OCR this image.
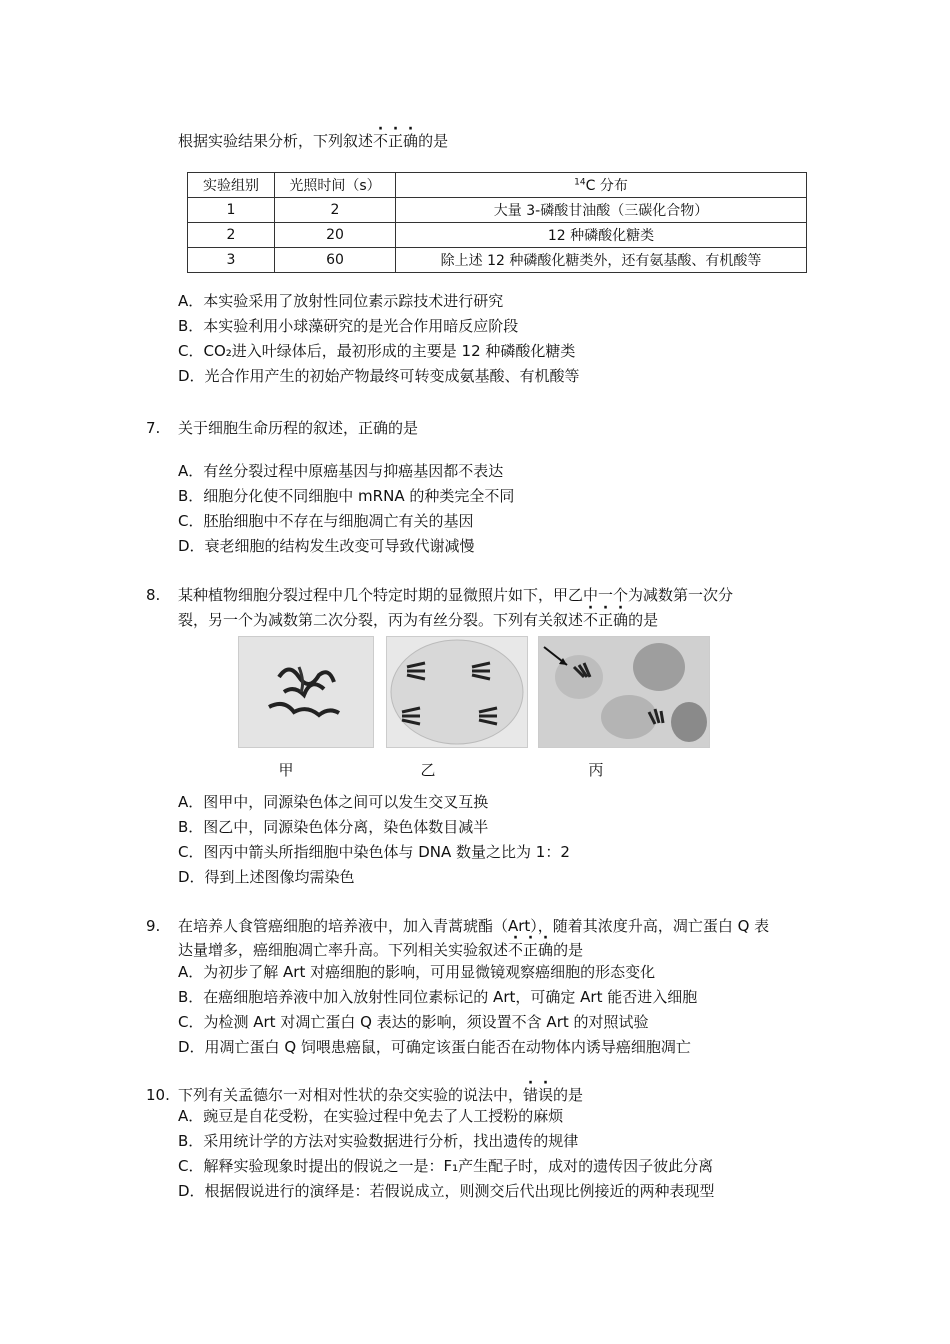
根据实验结果分析，下列叙述不正确的是
实验组别	光照时间（s）	$^{14}$C 分布
1	2	大量 3-磷酸甘油酸（三碳化合物）
2	20	12 种磷酸化糖类
3	60	除上述 12 种磷酸化糖类外，还有氨基酸、有机酸等
A．本实验采用了放射性同位素示踪技术进行研究
B．本实验利用小球藻研究的是光合作用暗反应阶段
C．CO₂进入叶绿体后，最初形成的主要是 12 种磷酸化糖类
D．光合作用产生的初始产物最终可转变成氨基酸、有机酸等
7.	关于细胞生命历程的叙述，正确的是
A．有丝分裂过程中原癌基因与抑癌基因都不表达
B．细胞分化使不同细胞中 mRNA 的种类完全不同
C．胚胎细胞中不存在与细胞凋亡有关的基因
D．衰老细胞的结构发生改变可导致代谢减慢
8.	某种植物细胞分裂过程中几个特定时期的显微照片如下，甲乙中一个为减数第一次分
裂，另一个为减数第二次分裂，丙为有丝分裂。下列有关叙述不正确的是
甲	乙	丙
A．图甲中，同源染色体之间可以发生交叉互换
B．图乙中，同源染色体分离，染色体数目减半
C．图丙中箭头所指细胞中染色体与 DNA 数量之比为 1：2
D．得到上述图像均需染色
9.	在培养人食管癌细胞的培养液中，加入青蒿琥酯（Art），随着其浓度升高，凋亡蛋白 Q 表
达量增多，癌细胞凋亡率升高。下列相关实验叙述不正确的是
A．为初步了解 Art 对癌细胞的影响，可用显微镜观察癌细胞的形态变化
B．在癌细胞培养液中加入放射性同位素标记的 Art，可确定 Art 能否进入细胞
C．为检测 Art 对凋亡蛋白 Q 表达的影响，须设置不含 Art 的对照试验
D．用凋亡蛋白 Q 饲喂患癌鼠，可确定该蛋白能否在动物体内诱导癌细胞凋亡
10. 下列有关孟德尔一对相对性状的杂交实验的说法中，错误的是
A．豌豆是自花受粉，在实验过程中免去了人工授粉的麻烦
B．采用统计学的方法对实验数据进行分析，找出遗传的规律
C．解释实验现象时提出的假说之一是：F₁产生配子时，成对的遗传因子彼此分离
D．根据假说进行的演绎是：若假说成立，则测交后代出现比例接近的两种表现型
